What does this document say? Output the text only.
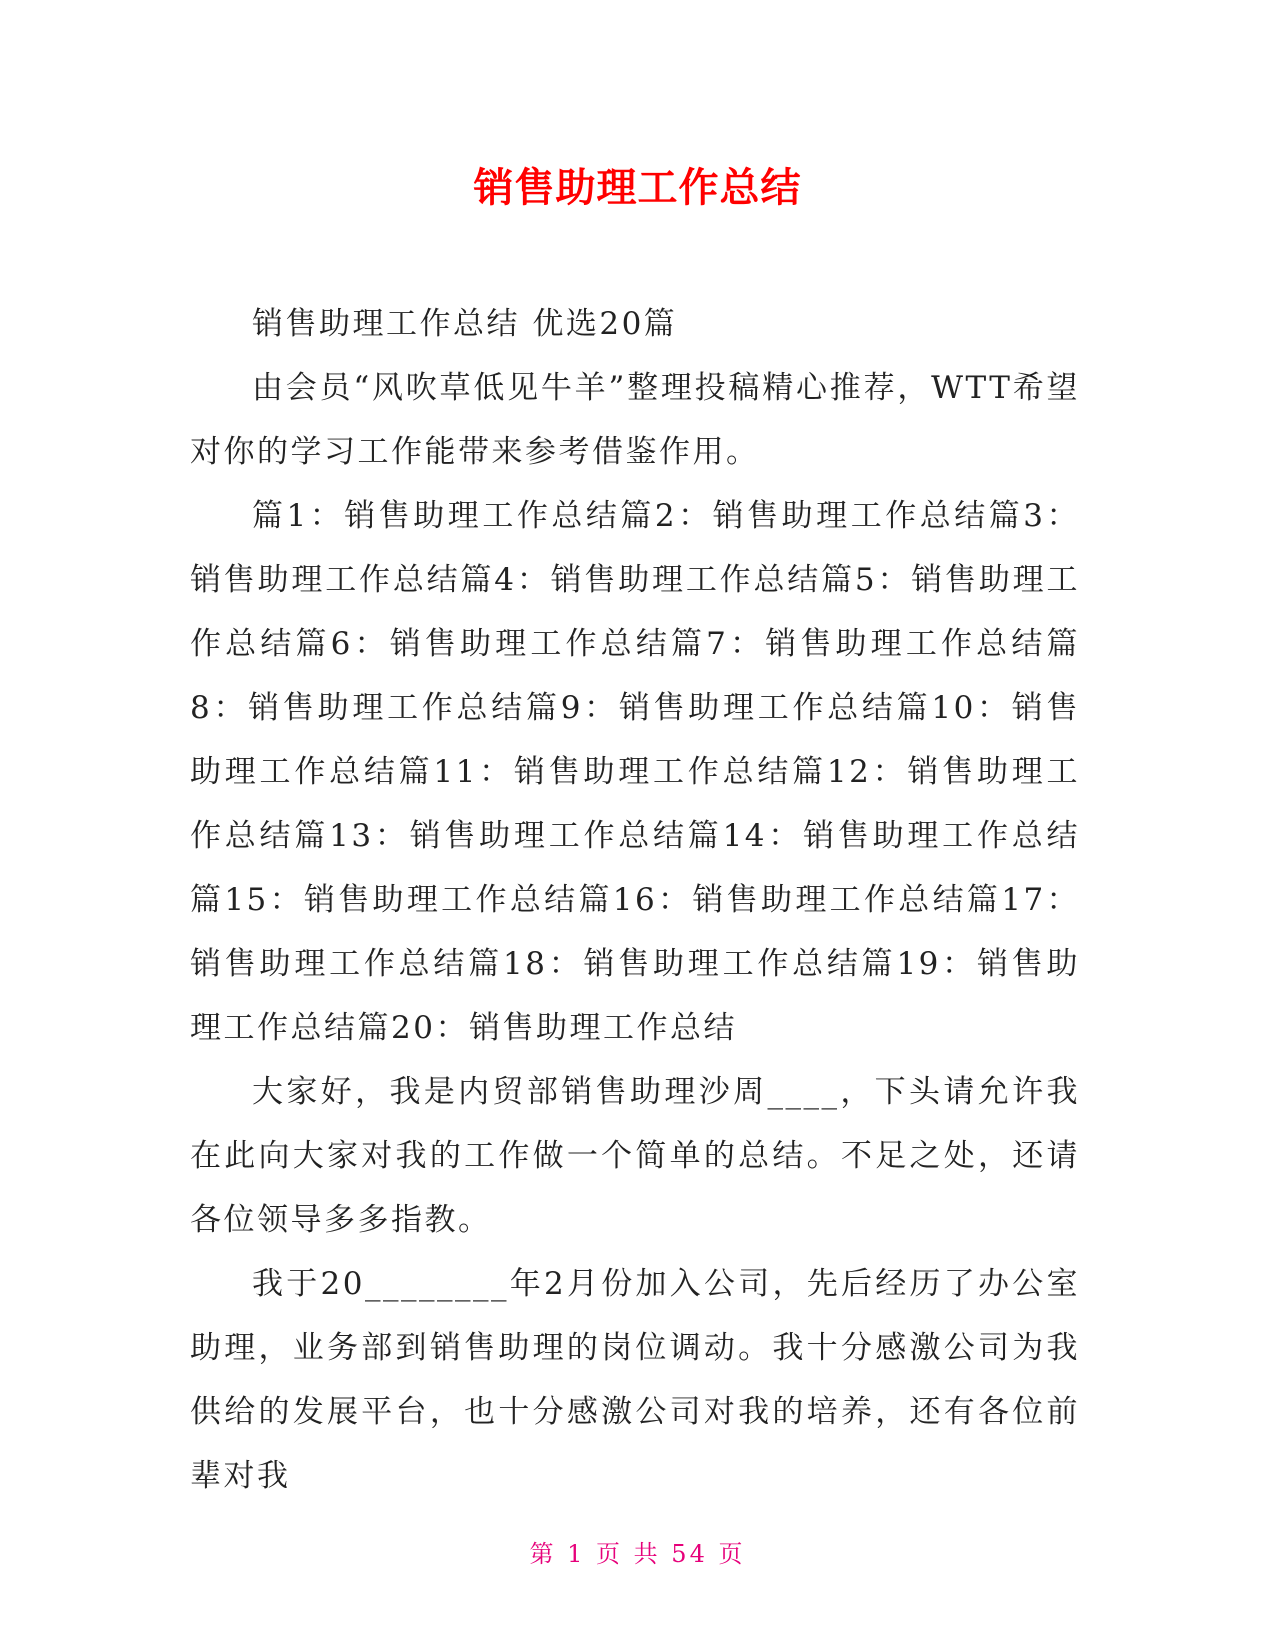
销售助理工作总结

销售助理工作总结 优选20篇

由会员“风吹草低见牛羊”整理投稿精心推荐，WTT希望对你的学习工作能带来参考借鉴作用。

篇1：销售助理工作总结篇2：销售助理工作总结篇3：销售助理工作总结篇4：销售助理工作总结篇5：销售助理工作总结篇6：销售助理工作总结篇7：销售助理工作总结篇8：销售助理工作总结篇9：销售助理工作总结篇10：销售助理工作总结篇11：销售助理工作总结篇12：销售助理工作总结篇13：销售助理工作总结篇14：销售助理工作总结篇15：销售助理工作总结篇16：销售助理工作总结篇17：销售助理工作总结篇18：销售助理工作总结篇19：销售助理工作总结篇20：销售助理工作总结

大家好，我是内贸部销售助理沙周____，下头请允许我在此向大家对我的工作做一个简单的总结。不足之处，还请各位领导多多指教。

我于20________年2月份加入公司，先后经历了办公室助理，业务部到销售助理的岗位调动。我十分感激公司为我供给的发展平台，也十分感激公司对我的培养，还有各位前辈对我

第 1 页 共 54 页
